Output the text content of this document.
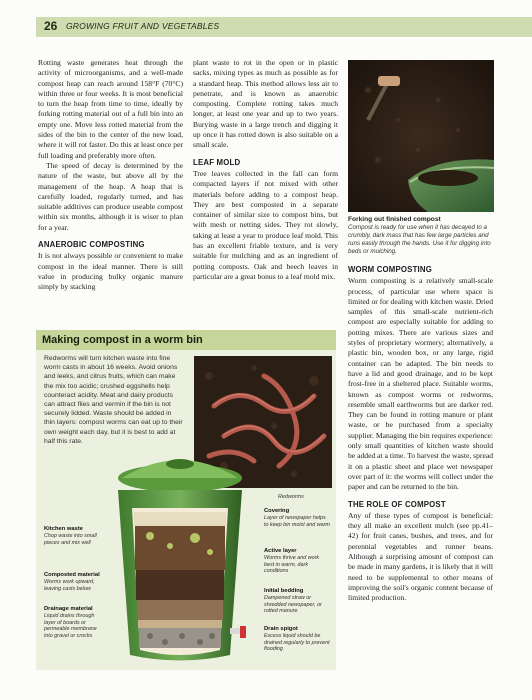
26 GROWING FRUIT AND VEGETABLES

Rotting waste generates heat through the activity of microorganisms, and a well-made compost heap can reach around 158°F (70°C) within three or four weeks. It is most beneficial to turn the heap from time to time, ideally by forking rotting material out of a full bin into an empty one. Move less rotted material from the sides of the bin to the center of the new load, where it will rot faster. Do this at least once per full loading and preferably more often.

The speed of decay is determined by the nature of the waste, but above all by the management of the heap. A heap that is carefully loaded, regularly turned, and has suitable additives can produce useable compost within six months, although it is wiser to plan for a year.

ANAEROBIC COMPOSTING

It is not always possible or convenient to make compost in the ideal manner. There is still value in producing bulky organic manure simply by stacking

plant waste to rot in the open or in plastic sacks, mixing types as much as possible as for a standard heap. This method allows less air to penetrate, and is known as anaerobic composting. Complete rotting takes much longer, at least one year and up to two years. Burying waste in a large trench and digging it up once it has rotted down is also suitable on a small scale.

LEAF MOLD

Tree leaves collected in the fall can form compacted layers if not mixed with other materials before adding to a compost heap. They are best composted in a separate container of similar size to compost bins, but with mesh or netting sides. They rot slowly, taking at least a year to produce leaf mold. This has an excellent friable texture, and is very suitable for mulching and as an ingredient of potting composts. Oak and beech leaves in particular are a great bonus to a leaf mold mix.

Forking out finished compost
Compost is ready for use when it has decayed to a crumbly, dark mass that has few large particles and runs easily through the hands. Use it for digging into beds or mulching.
WORM COMPOSTING

Worm composting is a relatively small-scale process, of particular use where space is limited or for dealing with kitchen waste. Dried samples of this small-scale nutrient-rich compost are especially suitable for adding to potting mixes. There are various sizes and styles of proprietary wormery; alternatively, a plastic bin, wooden box, or any large, rigid container can be adapted. The bin needs to have a lid and good drainage, and to be kept frost-free in a sheltered place. Suitable worms, known as compost worms or redworms, resemble small earthworms but are darker red. They can be found in rotting manure or plant waste, or be purchased from a specialty supplier. Managing the bin requires experience: only small quantities of kitchen waste should be added at a time. To harvest the waste, spread it on a plastic sheet and place wet newspaper over part of it: the worms will collect under the paper and can be returned to the bin.

THE ROLE OF COMPOST

Any of these types of compost is beneficial: they all make an excellent mulch (see pp.41–42) for fruit canes, bushes, and trees, and for perennial vegetables and runner beans. Although a surprising amount of compost can be made in many gardens, it is likely that it will need to be supplemental to other means of improving the soil's organic content because of limited production.

Making compost in a worm bin
Redworms
Redworms will turn kitchen waste into fine worm casts in about 16 weeks. Avoid onions and leeks, and citrus fruits, which can make the mix too acidic; crushed eggshells help counteract acidity. Meat and dairy products can attract flies and vermin if the bin is not securely lidded. Waste should be added in thin layers: compost worms can eat up to their own weight each day, but it is best to add at half this rate.
Kitchen waste
Chop waste into small pieces and mix well
Composted material
Worms work upward, leaving casts below
Drainage material
Liquid drains through layer of boards or permeable membrane into gravel or crocks
Covering
Layer of newspaper helps to keep bin moist and warm
Active layer
Worms thrive and work best in warm, dark conditions
Initial bedding
Dampened straw or shredded newspaper, or rotted manure
Drain spigot
Excess liquid should be drained regularly to prevent flooding
